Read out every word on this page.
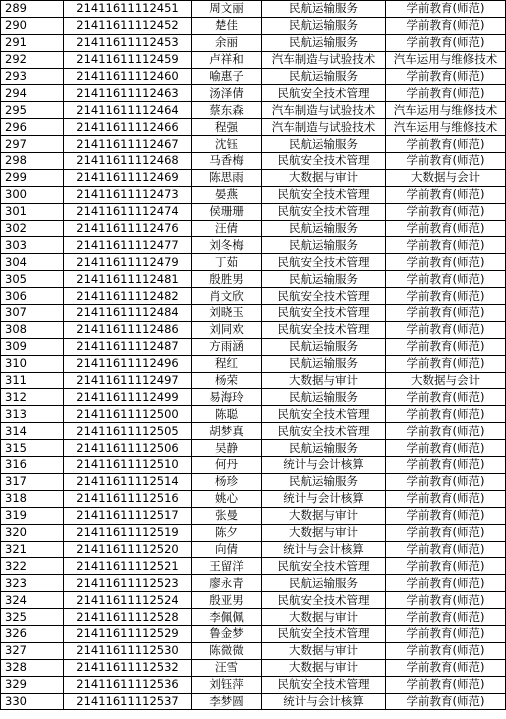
289	21411611112451	周文丽	民航运输服务	学前教育(师范)
290	21411611112452	楚佳	民航运输服务	学前教育(师范)
291	21411611112453	余丽	民航运输服务	学前教育(师范)
292	21411611112459	卢祥和	汽车制造与试验技术	汽车运用与维修技术
293	21411611112460	喻惠子	民航运输服务	学前教育(师范)
294	21411611112463	汤泽倩	民航安全技术管理	学前教育(师范)
295	21411611112464	蔡东森	汽车制造与试验技术	汽车运用与维修技术
296	21411611112466	程强	汽车制造与试验技术	汽车运用与维修技术
297	21411611112467	沈钰	民航运输服务	学前教育(师范)
298	21411611112468	马香梅	民航安全技术管理	学前教育(师范)
299	21411611112469	陈思雨	大数据与审计	大数据与会计
300	21411611112473	晏燕	民航安全技术管理	学前教育(师范)
301	21411611112474	侯珊珊	民航安全技术管理	学前教育(师范)
302	21411611112476	汪倩	民航运输服务	学前教育(师范)
303	21411611112477	刘冬梅	民航运输服务	学前教育(师范)
304	21411611112479	丁茹	民航安全技术管理	学前教育(师范)
305	21411611112481	殷胜男	民航运输服务	学前教育(师范)
306	21411611112482	肖文欣	民航安全技术管理	学前教育(师范)
307	21411611112484	刘晓玉	民航安全技术管理	学前教育(师范)
308	21411611112486	刘同欢	民航安全技术管理	学前教育(师范)
309	21411611112487	方雨涵	民航运输服务	学前教育(师范)
310	21411611112496	程红	民航运输服务	学前教育(师范)
311	21411611112497	杨荣	大数据与审计	大数据与会计
312	21411611112499	易海玲	民航运输服务	学前教育(师范)
313	21411611112500	陈聪	民航安全技术管理	学前教育(师范)
314	21411611112505	胡梦真	民航安全技术管理	学前教育(师范)
315	21411611112506	吴静	民航运输服务	学前教育(师范)
316	21411611112510	何丹	统计与会计核算	学前教育(师范)
317	21411611112514	杨珍	民航运输服务	学前教育(师范)
318	21411611112516	姚心	统计与会计核算	学前教育(师范)
319	21411611112517	张曼	大数据与审计	学前教育(师范)
320	21411611112519	陈夕	大数据与审计	学前教育(师范)
321	21411611112520	向倩	统计与会计核算	学前教育(师范)
322	21411611112521	王留洋	民航安全技术管理	学前教育(师范)
323	21411611112523	廖永青	民航运输服务	学前教育(师范)
324	21411611112524	殷亚男	民航安全技术管理	学前教育(师范)
325	21411611112528	李佩佩	大数据与审计	学前教育(师范)
326	21411611112529	鲁金梦	民航安全技术管理	学前教育(师范)
327	21411611112530	陈微微	大数据与审计	学前教育(师范)
328	21411611112532	汪雪	大数据与审计	学前教育(师范)
329	21411611112536	刘钰萍	民航安全技术管理	学前教育(师范)
330	21411611112537	李梦圆	统计与会计核算	学前教育(师范)
